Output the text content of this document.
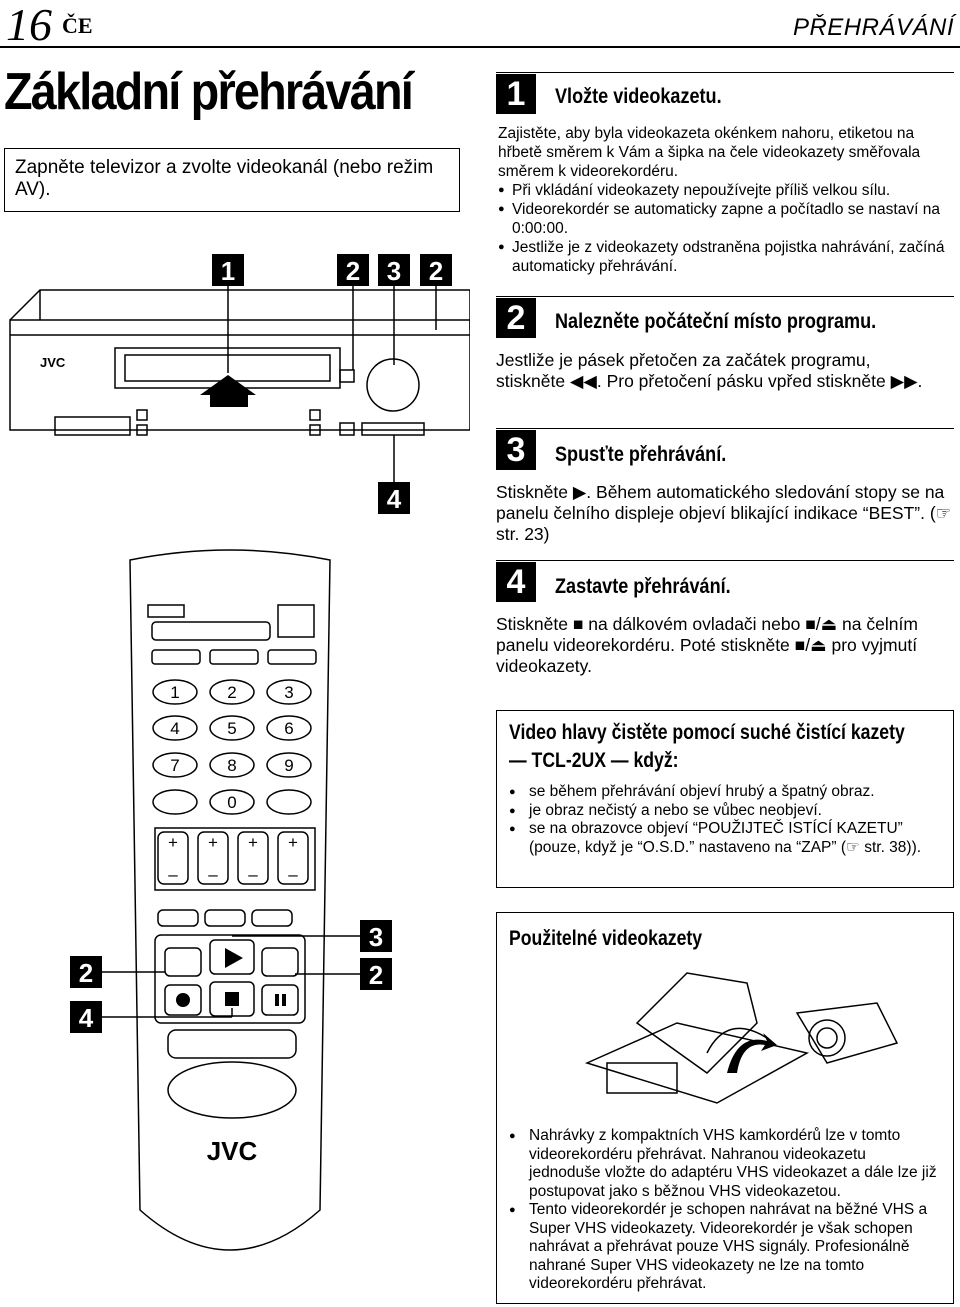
16 ČE	PŘEHRÁVÁNÍ
Základní přehrávání
Zapněte televizor a zvolte videokanál (nebo režim AV).
1	2 3 2
JVC
4
1	2	3
4	5	6
7	8	9
0
+ + + +
– – – –
JVC
2
4
3
2
1	Vložte videokazetu.
Zajistěte, aby byla videokazeta okénkem nahoru, etiketou na hřbetě směrem k Vám a šipka na čele videokazety směřovala směrem k videorekordéru.
● Při vkládání videokazety nepoužívejte příliš velkou sílu.
● Videorekordér se automaticky zapne a počítadlo se nastaví na 0:00:00.
● Jestliže je z videokazety odstraněna pojistka nahrávání, začíná automaticky přehrávání.
2	Nalezněte počáteční místo programu.
Jestliže je pásek přetočen za začátek programu, stiskněte ◀◀. Pro přetočení pásku vpřed stiskněte ▶▶.
3	Spusťte přehrávání.
Stiskněte ▶. Během automatického sledování stopy se na panelu čelního displeje objeví blikající indikace “BEST”. (☞ str. 23)
4	Zastavte přehrávání.
Stiskněte ■ na dálkovém ovladači nebo ■/⏏ na čelním panelu videorekordéru. Poté stiskněte ■/⏏ pro vyjmutí videokazety.
Video hlavy čistěte pomocí suché čistící kazety
— TCL-2UX — když:
● se během přehrávání objeví hrubý a špatný obraz.
● je obraz nečistý a nebo se vůbec neobjeví.
● se na obrazovce objeví “POUŽIJTEČ ISTÍCÍ KAZETU” (pouze, když je “O.S.D.” nastaveno na “ZAP” (☞ str. 38)).
Použitelné videokazety
● Nahrávky z kompaktních VHS kamkordérů lze v tomto videorekordéru přehrávat. Nahranou videokazetu jednoduše vložte do adaptéru VHS videokazet a dále lze již postupovat jako s běžnou VHS videokazetou.
● Tento videorekordér je schopen nahrávat na běžné VHS a Super VHS videokazety. Videorekordér je však schopen nahrávat a přehrávat pouze VHS signály. Profesionálně nahrané Super VHS videokazety ne lze na tomto videorekordéru přehrávat.
